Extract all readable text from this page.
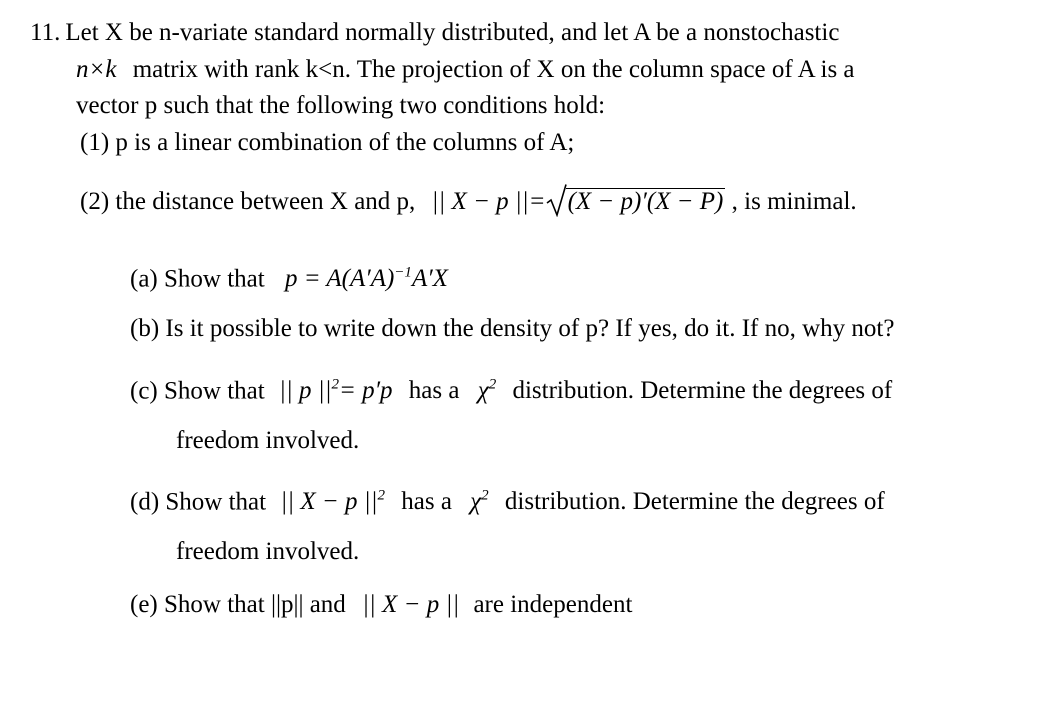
11. Let X be n-variate standard normally distributed, and let A be a nonstochastic
n×k matrix with rank k<n. The projection of X on the column space of A is a
vector p such that the following two conditions hold:
(1) p is a linear combination of the columns of A;
(2) the distance between X and p, || X − p ||= (X − p)′(X − P) , is minimal.
(a) Show that $p = A(A'A)^{-1}A'X$
(b) Is it possible to write down the density of p? If yes, do it. If no, why not?
(c) Show that || p $||^2= p'p$ has a $\chi^2$ distribution. Determine the degrees of
freedom involved.
(d) Show that || X − p $||^2$ has a $\chi^2$ distribution. Determine the degrees of
freedom involved.
(e) Show that ||p|| and || X − p || are independent
